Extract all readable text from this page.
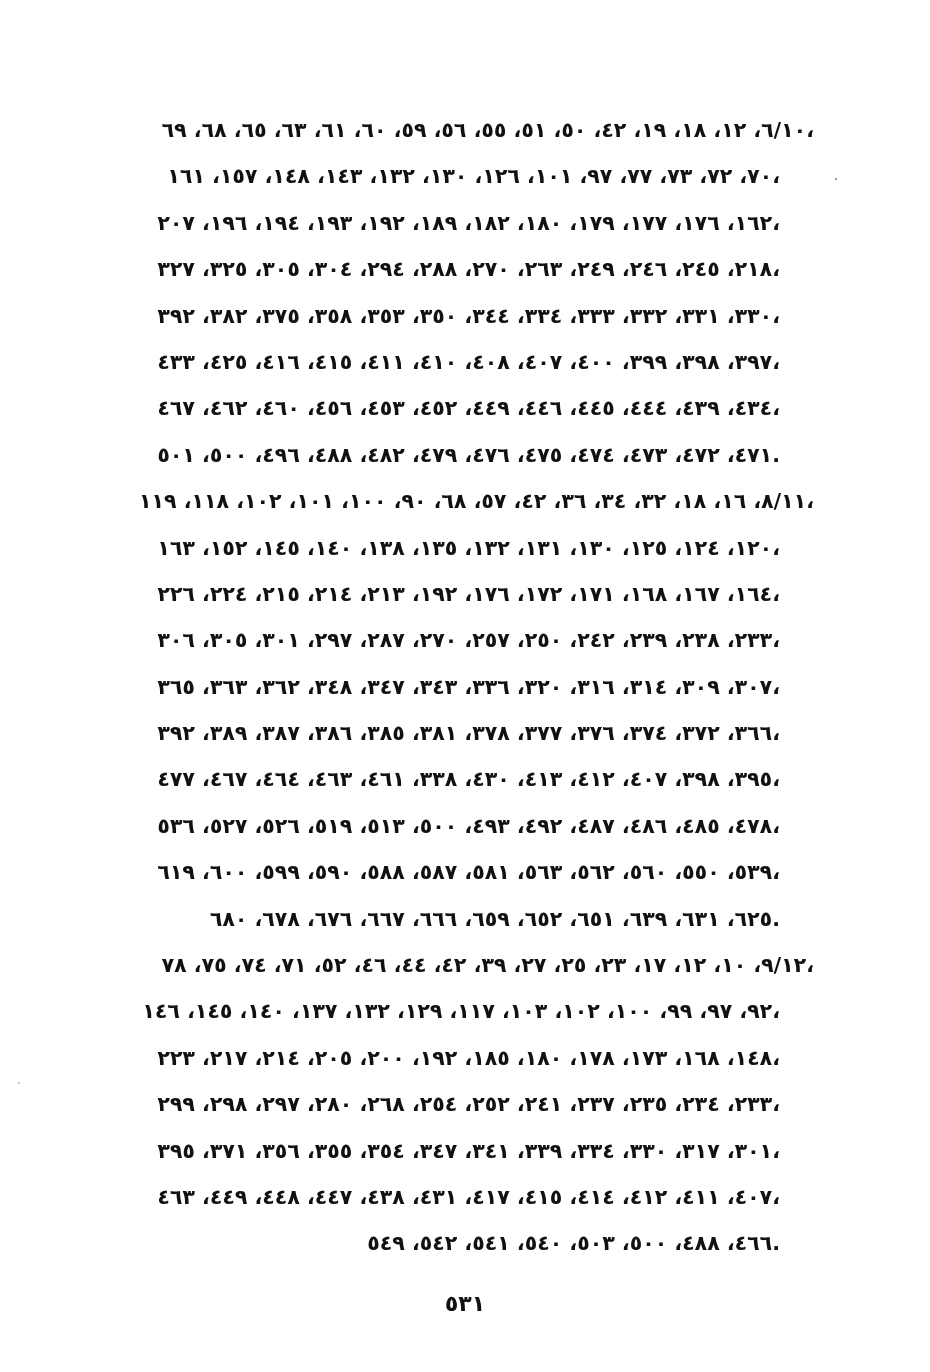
٦/١٠، ١٢، ١٨، ١٩، ٤٢، ٥٠، ٥١، ٥٥، ٥٦، ٥٩، ٦٠، ٦١، ٦٣، ٦٥، ٦٨، ٦٩،
٧٠، ٧٢، ٧٣، ٧٧، ٩٧، ١٠١، ١٢٦، ١٣٠، ١٣٢، ١٤٣، ١٤٨، ١٥٧، ١٦١،
١٦٢، ١٧٦، ١٧٧، ١٧٩، ١٨٠، ١٨٢، ١٨٩، ١٩٢، ١٩٣، ١٩٤، ١٩٦، ٢٠٧،
٢١٨، ٢٤٥، ٢٤٦، ٢٤٩، ٢٦٣، ٢٧٠، ٢٨٨، ٢٩٤، ٣٠٤، ٣٠٥، ٣٢٥، ٣٢٧،
٣٣٠، ٣٣١، ٣٣٢، ٣٣٣، ٣٣٤، ٣٤٤، ٣٥٠، ٣٥٣، ٣٥٨، ٣٧٥، ٣٨٢، ٣٩٢،
٣٩٧، ٣٩٨، ٣٩٩، ٤٠٠، ٤٠٧، ٤٠٨، ٤١٠، ٤١١، ٤١٥، ٤١٦، ٤٢٥، ٤٣٣،
٤٣٤، ٤٣٩، ٤٤٤، ٤٤٥، ٤٤٦، ٤٤٩، ٤٥٢، ٤٥٣، ٤٥٦، ٤٦٠، ٤٦٢، ٤٦٧،
٤٧١، ٤٧٢، ٤٧٣، ٤٧٤، ٤٧٥، ٤٧٦، ٤٧٩، ٤٨٢، ٤٨٨، ٤٩٦، ٥٠٠، ٥٠١.
٨/١١، ١٦، ١٨، ٣٢، ٣٤، ٣٦، ٤٢، ٥٧، ٦٨، ٩٠، ١٠٠، ١٠١، ١٠٢، ١١٨، ١١٩،
١٢٠، ١٢٤، ١٢٥، ١٣٠، ١٣١، ١٣٢، ١٣٥، ١٣٨، ١٤٠، ١٤٥، ١٥٢، ١٦٣،
١٦٤، ١٦٧، ١٦٨، ١٧١، ١٧٢، ١٧٦، ١٩٢، ٢١٣، ٢١٤، ٢١٥، ٢٢٤، ٢٢٦،
٢٣٣، ٢٣٨، ٢٣٩، ٢٤٢، ٢٥٠، ٢٥٧، ٢٧٠، ٢٨٧، ٢٩٧، ٣٠١، ٣٠٥، ٣٠٦،
٣٠٧، ٣٠٩، ٣١٤، ٣١٦، ٣٢٠، ٣٣٦، ٣٤٣، ٣٤٧، ٣٤٨، ٣٦٢، ٣٦٣، ٣٦٥،
٣٦٦، ٣٧٢، ٣٧٤، ٣٧٦، ٣٧٧، ٣٧٨، ٣٨١، ٣٨٥، ٣٨٦، ٣٨٧، ٣٨٩، ٣٩٢،
٣٩٥، ٣٩٨، ٤٠٧، ٤١٢، ٤١٣، ٤٣٠، ٣٣٨، ٤٦١، ٤٦٣، ٤٦٤، ٤٦٧، ٤٧٧،
٤٧٨، ٤٨٥، ٤٨٦، ٤٨٧، ٤٩٢، ٤٩٣، ٥٠٠، ٥١٣، ٥١٩، ٥٢٦، ٥٢٧، ٥٣٦،
٥٣٩، ٥٥٠، ٥٦٠، ٥٦٢، ٥٦٣، ٥٨١، ٥٨٧، ٥٨٨، ٥٩٠، ٥٩٩، ٦٠٠، ٦١٩،
٦٢٥، ٦٣١، ٦٣٩، ٦٥١، ٦٥٢، ٦٥٩، ٦٦٦، ٦٦٧، ٦٧٦، ٦٧٨، ٦٨٠.
٩/١٢، ١٠، ١٢، ١٧، ٢٣، ٢٥، ٢٧، ٣٩، ٤٢، ٤٤، ٤٦، ٥٢، ٧١، ٧٤، ٧٥، ٧٨،
٩٢، ٩٧، ٩٩، ١٠٠، ١٠٢، ١٠٣، ١١٧، ١٢٩، ١٣٢، ١٣٧، ١٤٠، ١٤٥، ١٤٦،
١٤٨، ١٦٨، ١٧٣، ١٧٨، ١٨٠، ١٨٥، ١٩٢، ٢٠٠، ٢٠٥، ٢١٤، ٢١٧، ٢٢٣،
٢٣٣، ٢٣٤، ٢٣٥، ٢٣٧، ٢٤١، ٢٥٢، ٢٥٤، ٢٦٨، ٢٨٠، ٢٩٧، ٢٩٨، ٢٩٩،
٣٠١، ٣١٧، ٣٣٠، ٣٣٤، ٣٣٩، ٣٤١، ٣٤٧، ٣٥٤، ٣٥٥، ٣٥٦، ٣٧١، ٣٩٥،
٤٠٧، ٤١١، ٤١٢، ٤١٤، ٤١٥، ٤١٧، ٤٣١، ٤٣٨، ٤٤٧، ٤٤٨، ٤٤٩، ٤٦٣،
٤٦٦، ٤٨٨، ٥٠٠، ٥٠٣، ٥٤٠، ٥٤١، ٥٤٢، ٥٤٩.
٥٣١
